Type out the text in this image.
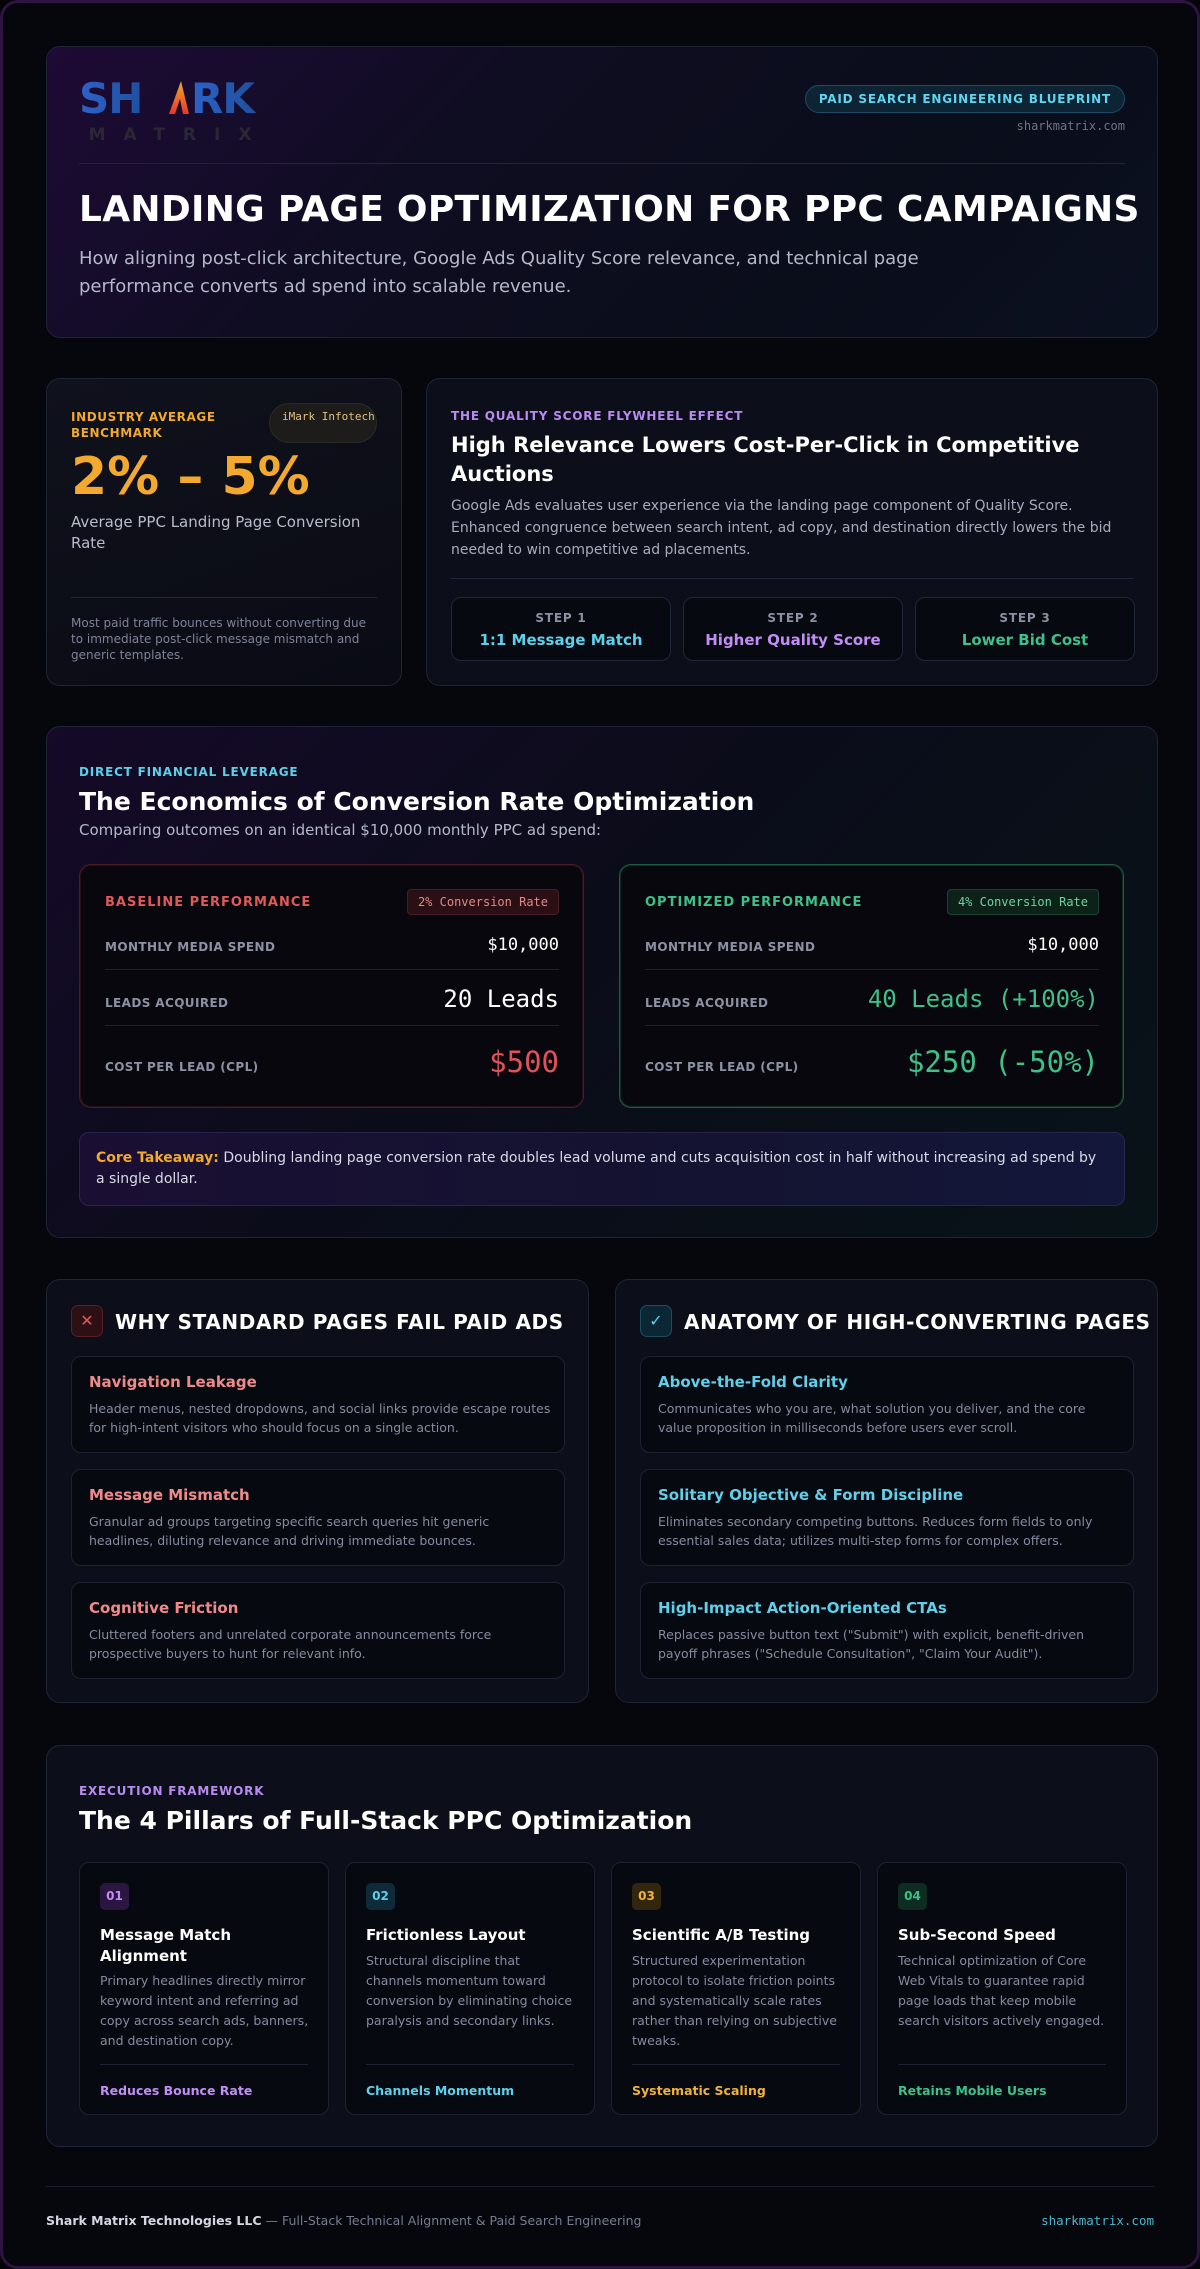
SH RK
MATRIX
PAID SEARCH ENGINEERING BLUEPRINT
sharkmatrix.com
LANDING PAGE OPTIMIZATION FOR PPC CAMPAIGNS

How aligning post-click architecture, Google Ads Quality Score relevance, and technical page performance converts ad spend into scalable revenue.

INDUSTRY AVERAGE BENCHMARK
iMark Infotech
2% – 5%
Average PPC Landing Page Conversion Rate
Most paid traffic bounces without converting due to immediate post-click message mismatch and generic templates.
THE QUALITY SCORE FLYWHEEL EFFECT
High Relevance Lowers Cost-Per-Click in Competitive Auctions

Google Ads evaluates user experience via the landing page component of Quality Score. Enhanced congruence between search intent, ad copy, and destination directly lowers the bid needed to win competitive ad placements.

STEP 1
1:1 Message Match
STEP 2
Higher Quality Score
STEP 3
Lower Bid Cost
DIRECT FINANCIAL LEVERAGE
The Economics of Conversion Rate Optimization
Comparing outcomes on an identical $10,000 monthly PPC ad spend:
BASELINE PERFORMANCE	2% Conversion Rate
MONTHLY MEDIA SPEND	$10,000
LEADS ACQUIRED	20 Leads
COST PER LEAD (CPL)	$500
OPTIMIZED PERFORMANCE	4% Conversion Rate
MONTHLY MEDIA SPEND	$10,000
LEADS ACQUIRED	40 Leads (+100%)
COST PER LEAD (CPL)	$250 (-50%)
Core Takeaway: Doubling landing page conversion rate doubles lead volume and cuts acquisition cost in half without increasing ad spend by a single dollar.
✕	WHY STANDARD PAGES FAIL PAID ADS
Navigation Leakage
Header menus, nested dropdowns, and social links provide escape routes for high-intent visitors who should focus on a single action.
Message Mismatch
Granular ad groups targeting specific search queries hit generic headlines, diluting relevance and driving immediate bounces.
Cognitive Friction
Cluttered footers and unrelated corporate announcements force prospective buyers to hunt for relevant info.
✓	ANATOMY OF HIGH-CONVERTING PAGES
Above-the-Fold Clarity
Communicates who you are, what solution you deliver, and the core value proposition in milliseconds before users ever scroll.
Solitary Objective & Form Discipline
Eliminates secondary competing buttons. Reduces form fields to only essential sales data; utilizes multi-step forms for complex offers.
High-Impact Action-Oriented CTAs
Replaces passive button text ("Submit") with explicit, benefit-driven payoff phrases ("Schedule Consultation", "Claim Your Audit").
EXECUTION FRAMEWORK
The 4 Pillars of Full-Stack PPC Optimization
01
Message Match Alignment
Primary headlines directly mirror keyword intent and referring ad copy across search ads, banners, and destination copy.
Reduces Bounce Rate
02
Frictionless Layout
Structural discipline that channels momentum toward conversion by eliminating choice paralysis and secondary links.
Channels Momentum
03
Scientific A/B Testing
Structured experimentation protocol to isolate friction points and systematically scale rates rather than relying on subjective tweaks.
Systematic Scaling
04
Sub-Second Speed
Technical optimization of Core Web Vitals to guarantee rapid page loads that keep mobile search visitors actively engaged.
Retains Mobile Users
Shark Matrix Technologies LLC — Full-Stack Technical Alignment & Paid Search Engineering	sharkmatrix.com
